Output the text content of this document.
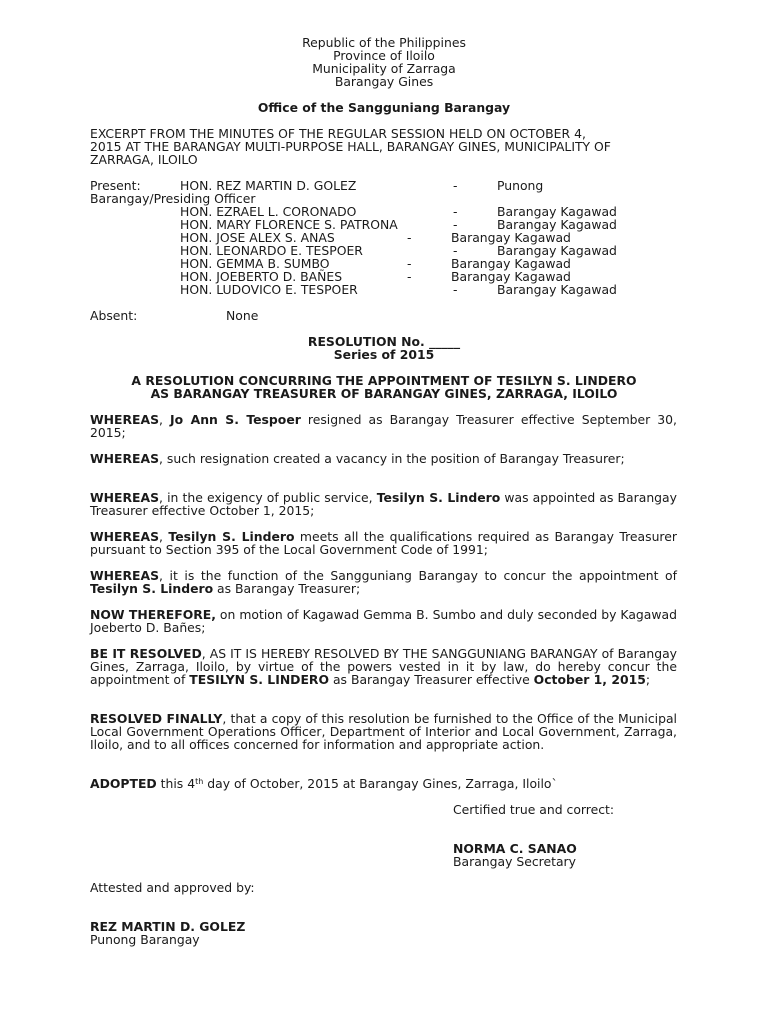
Republic of the Philippines
Province of Iloilo
Municipality of Zarraga
Barangay Gines
Office of the Sangguniang Barangay
EXCERPT FROM THE MINUTES OF THE REGULAR SESSION HELD ON OCTOBER 4,
2015 AT THE BARANGAY MULTI-PURPOSE HALL, BARANGAY GINES, MUNICIPALITY OF
ZARRAGA, ILOILO
Present:	HON. REZ MARTIN D. GOLEZ	-	Punong
Barangay/Presiding Officer
HON. EZRAEL L. CORONADO	-	Barangay Kagawad
HON. MARY FLORENCE S. PATRONA	-	Barangay Kagawad
HON. JOSE ALEX S. ANAS	-	Barangay Kagawad
HON. LEONARDO E. TESPOER	-	Barangay Kagawad
HON. GEMMA B. SUMBO	-	Barangay Kagawad
HON. JOEBERTO D. BAÑES	-	Barangay Kagawad
HON. LUDOVICO E. TESPOER	-	Barangay Kagawad
Absent:	None
RESOLUTION No. _____
Series of 2015
A RESOLUTION CONCURRING THE APPOINTMENT OF TESILYN S. LINDERO
AS BARANGAY TREASURER OF BARANGAY GINES, ZARRAGA, ILOILO
WHEREAS, Jo Ann S. Tespoer resigned as Barangay Treasurer effective September 30, 2015;
WHEREAS, such resignation created a vacancy in the position of Barangay Treasurer;
WHEREAS, in the exigency of public service, Tesilyn S. Lindero was appointed as Barangay Treasurer effective October 1, 2015;
WHEREAS, Tesilyn S. Lindero meets all the qualifications required as Barangay Treasurer pursuant to Section 395 of the Local Government Code of 1991;
WHEREAS, it is the function of the Sangguniang Barangay to concur the appointment of Tesilyn S. Lindero as Barangay Treasurer;
NOW THEREFORE, on motion of Kagawad Gemma B. Sumbo and duly seconded by Kagawad Joeberto D. Bañes;
BE IT RESOLVED, AS IT IS HEREBY RESOLVED BY THE SANGGUNIANG BARANGAY of Barangay Gines, Zarraga, Iloilo, by virtue of the powers vested in it by law, do hereby concur the appointment of TESILYN S. LINDERO as Barangay Treasurer effective October 1, 2015;
RESOLVED FINALLY, that a copy of this resolution be furnished to the Office of the Municipal Local Government Operations Officer, Department of Interior and Local Government, Zarraga, Iloilo, and to all offices concerned for information and appropriate action.
ADOPTED this 4th day of October, 2015 at Barangay Gines, Zarraga, Iloilo`
Certified true and correct:
NORMA C. SANAO
Barangay Secretary
Attested and approved by:
REZ MARTIN D. GOLEZ
Punong Barangay
